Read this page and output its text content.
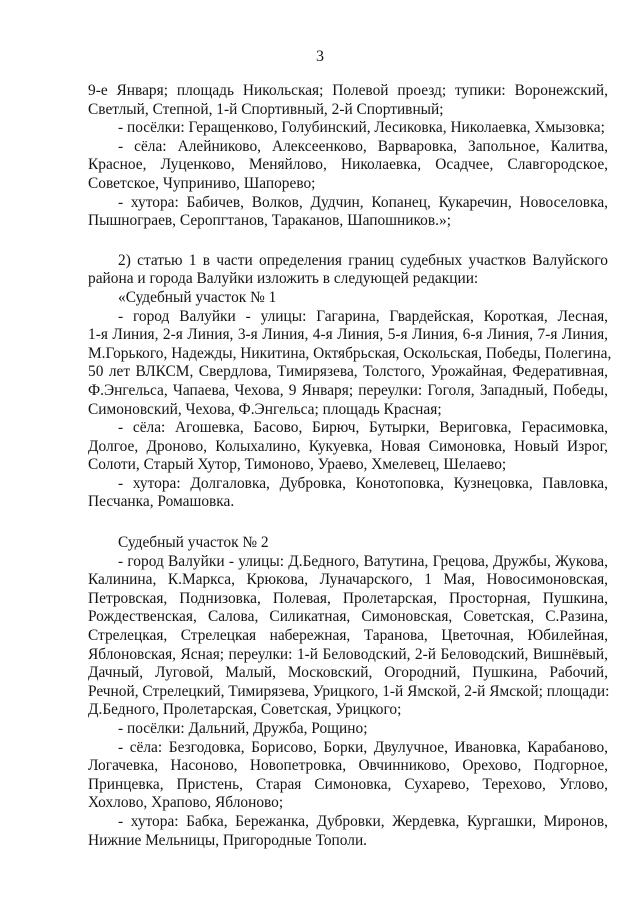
3
9-е Января; площадь Никольская; Полевой проезд; тупики: Воронежский,
Светлый, Степной, 1-й Спортивный, 2-й Спортивный;
- посёлки: Геращенково, Голубинский, Лесиковка, Николаевка, Хмызовка;
- сёла: Алейниково, Алексеенково, Варваровка, Запольное, Калитва,
Красное, Луценково, Меняйлово, Николаевка, Осадчее, Славгородское,
Советское, Чуприниво, Шапорево;
- хутора: Бабичев, Волков, Дудчин, Копанец, Кукаречин, Новоселовка,
Пышнограев, Серопгтанов, Тараканов, Шапошников.»;
2) статью 1 в части определения границ судебных участков Валуйского
района и города Валуйки изложить в следующей редакции:
«Судебный участок № 1
- город Валуйки - улицы: Гагарина, Гвардейская, Короткая, Лесная,
1-я Линия, 2-я Линия, 3-я Линия, 4-я Линия, 5-я Линия, 6-я Линия, 7-я Линия,
М.Горького, Надежды, Никитина, Октябрьская, Оскольская, Победы, Полегина,
50 лет ВЛКСМ, Свердлова, Тимирязева, Толстого, Урожайная, Федеративная,
Ф.Энгельса, Чапаева, Чехова, 9 Января; переулки: Гоголя, Западный, Победы,
Симоновский, Чехова, Ф.Энгельса; площадь Красная;
- сёла: Агошевка, Басово, Бирюч, Бутырки, Веригoвка, Герасимовка,
Долгое, Дроново, Колыхалино, Кукуевка, Новая Симоновка, Новый Изрог,
Солоти, Старый Хутор, Тимоново, Ураево, Хмелевец, Шелаево;
- хутора: Долгаловка, Дубровка, Конотоповка, Кузнецовка, Павловка,
Песчанка, Ромашовка.
Судебный участок № 2
- город Валуйки - улицы: Д.Бедного, Ватутина, Грецова, Дружбы, Жукова,
Калинина, К.Маркса, Крюкова, Луначарского, 1 Мая, Новосимоновская,
Петровская, Поднизовка, Полевая, Пролетарская, Просторная, Пушкина,
Рождественская, Салова, Силикатная, Симоновская, Советская, С.Разина,
Стрелецкая, Стрелецкая набережная, Таранова, Цветочная, Юбилейная,
Яблоновская, Ясная; переулки: 1-й Беловодский, 2-й Беловодский, Вишнёвый,
Дачный, Луговой, Малый, Московский, Огородний, Пушкина, Рабочий,
Речной, Стрелецкий, Тимирязева, Урицкого, 1-й Ямской, 2-й Ямской; площади:
Д.Бедного, Пролетарская, Советская, Урицкого;
- посёлки: Дальний, Дружба, Рощино;
- сёла: Безгодовка, Борисово, Борки, Двулучное, Ивановка, Карабаново,
Логачевка, Насоново, Новопетровка, Овчинниково, Орехово, Подгорное,
Принцевка, Пристень, Старая Симоновка, Сухарево, Терехово, Углово,
Хохлово, Храпово, Яблоново;
- хутора: Бабка, Бережанка, Дубровки, Жердевка, Кургашки, Миронов,
Нижние Мельницы, Пригородные Тополи.
